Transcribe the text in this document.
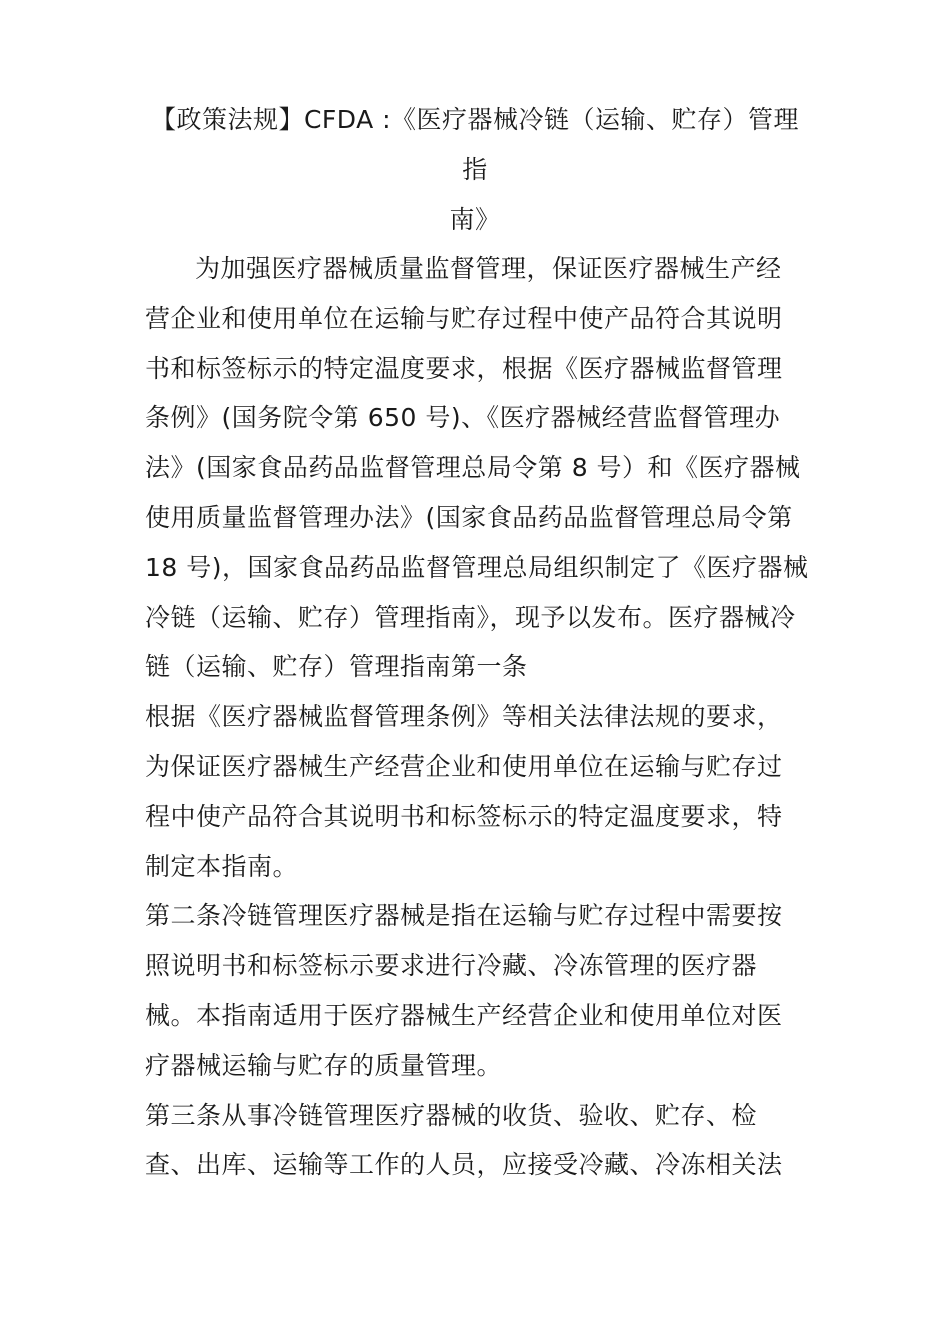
【政策法规】CFDA :《医疗器械冷链（运输、贮存）管理指
南》
为加强医疗器械质量监督管理，保证医疗器械生产经
营企业和使用单位在运输与贮存过程中使产品符合其说明
书和标签标示的特定温度要求，根据《医疗器械监督管理
条例》(国务院令第 650 号)、《医疗器械经营监督管理办
法》(国家食品药品监督管理总局令第 8 号）和《医疗器械
使用质量监督管理办法》(国家食品药品监督管理总局令第
18 号)，国家食品药品监督管理总局组织制定了《医疗器械
冷链（运输、贮存）管理指南》，现予以发布。医疗器械冷
链（运输、贮存）管理指南第一条
根据《医疗器械监督管理条例》等相关法律法规的要求，
为保证医疗器械生产经营企业和使用单位在运输与贮存过
程中使产品符合其说明书和标签标示的特定温度要求，特
制定本指南。
第二条冷链管理医疗器械是指在运输与贮存过程中需要按
照说明书和标签标示要求进行冷藏、冷冻管理的医疗器
械。本指南适用于医疗器械生产经营企业和使用单位对医
疗器械运输与贮存的质量管理。
第三条从事冷链管理医疗器械的收货、验收、贮存、检
查、出库、运输等工作的人员，应接受冷藏、冷冻相关法
